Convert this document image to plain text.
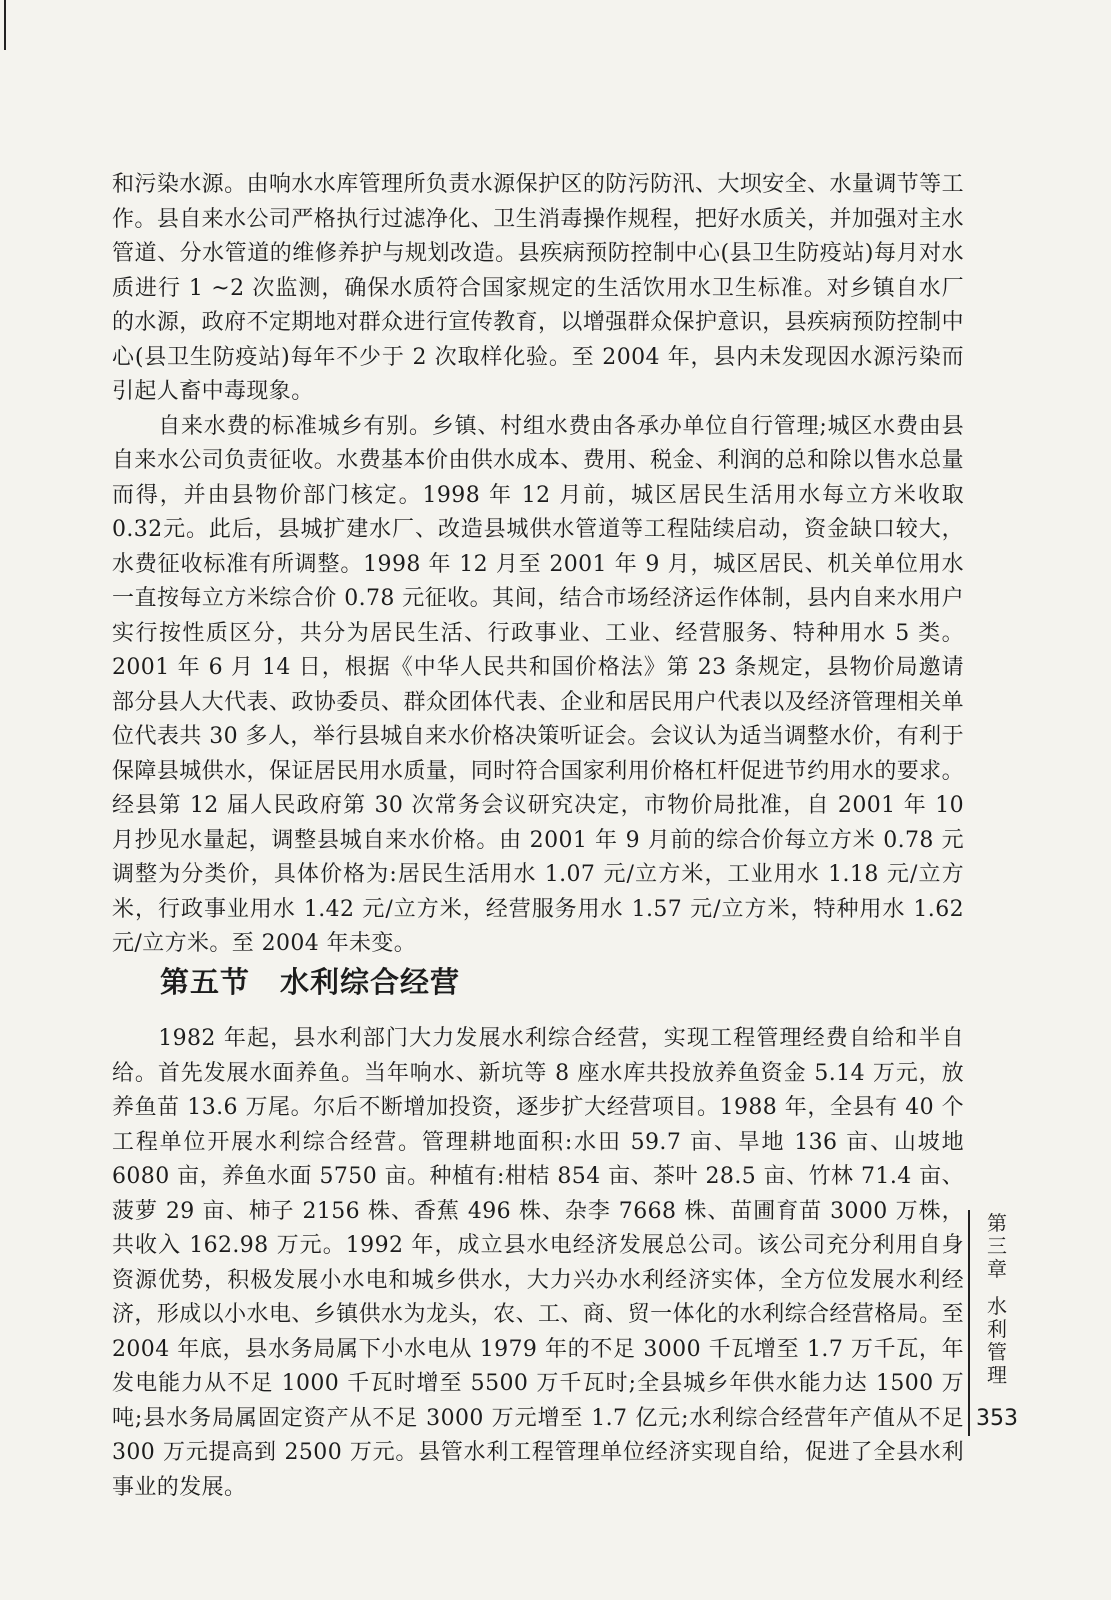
和污染水源。由响水水库管理所负责水源保护区的防污防汛、大坝安全、水量调节等工作。县自来水公司严格执行过滤净化、卫生消毒操作规程，把好水质关，并加强对主水管道、分水管道的维修养护与规划改造。县疾病预防控制中心(县卫生防疫站)每月对水质进行 1 ~2 次监测，确保水质符合国家规定的生活饮用水卫生标准。对乡镇自水厂的水源，政府不定期地对群众进行宣传教育，以增强群众保护意识，县疾病预防控制中心(县卫生防疫站)每年不少于 2 次取样化验。至 2004 年，县内未发现因水源污染而引起人畜中毒现象。

自来水费的标准城乡有别。乡镇、村组水费由各承办单位自行管理;城区水费由县自来水公司负责征收。水费基本价由供水成本、费用、税金、利润的总和除以售水总量而得，并由县物价部门核定。1998 年 12 月前，城区居民生活用水每立方米收取0.32元。此后，县城扩建水厂、改造县城供水管道等工程陆续启动，资金缺口较大，水费征收标准有所调整。1998 年 12 月至 2001 年 9 月，城区居民、机关单位用水一直按每立方米综合价 0.78 元征收。其间，结合市场经济运作体制，县内自来水用户实行按性质区分，共分为居民生活、行政事业、工业、经营服务、特种用水 5 类。2001 年 6 月 14 日，根据《中华人民共和国价格法》第 23 条规定，县物价局邀请部分县人大代表、政协委员、群众团体代表、企业和居民用户代表以及经济管理相关单位代表共 30 多人，举行县城自来水价格决策听证会。会议认为适当调整水价，有利于保障县城供水，保证居民用水质量，同时符合国家利用价格杠杆促进节约用水的要求。经县第 12 届人民政府第 30 次常务会议研究决定，市物价局批准，自 2001 年 10 月抄见水量起，调整县城自来水价格。由 2001 年 9 月前的综合价每立方米 0.78 元调整为分类价，具体价格为:居民生活用水 1.07 元/立方米，工业用水 1.18 元/立方米，行政事业用水 1.42 元/立方米，经营服务用水 1.57 元/立方米，特种用水 1.62 元/立方米。至 2004 年未变。

第五节 水利综合经营

1982 年起，县水利部门大力发展水利综合经营，实现工程管理经费自给和半自给。首先发展水面养鱼。当年响水、新坑等 8 座水库共投放养鱼资金 5.14 万元，放养鱼苗 13.6 万尾。尔后不断增加投资，逐步扩大经营项目。1988 年，全县有 40 个工程单位开展水利综合经营。管理耕地面积:水田 59.7 亩、旱地 136 亩、山坡地 6080 亩，养鱼水面 5750 亩。种植有:柑桔 854 亩、茶叶 28.5 亩、竹林 71.4 亩、菠萝 29 亩、柿子 2156 株、香蕉 496 株、杂李 7668 株、苗圃育苗 3000 万株，共收入 162.98 万元。1992 年，成立县水电经济发展总公司。该公司充分利用自身资源优势，积极发展小水电和城乡供水，大力兴办水利经济实体，全方位发展水利经济，形成以小水电、乡镇供水为龙头，农、工、商、贸一体化的水利综合经营格局。至 2004 年底，县水务局属下小水电从 1979 年的不足 3000 千瓦增至 1.7 万千瓦，年发电能力从不足 1000 千瓦时增至 5500 万千瓦时;全县城乡年供水能力达 1500 万吨;县水务局属固定资产从不足 3000 万元增至 1.7 亿元;水利综合经营年产值从不足 300 万元提高到 2500 万元。县管水利工程管理单位经济实现自给，促进了全县水利事业的发展。

第
三
章
水
利
管
理
353
